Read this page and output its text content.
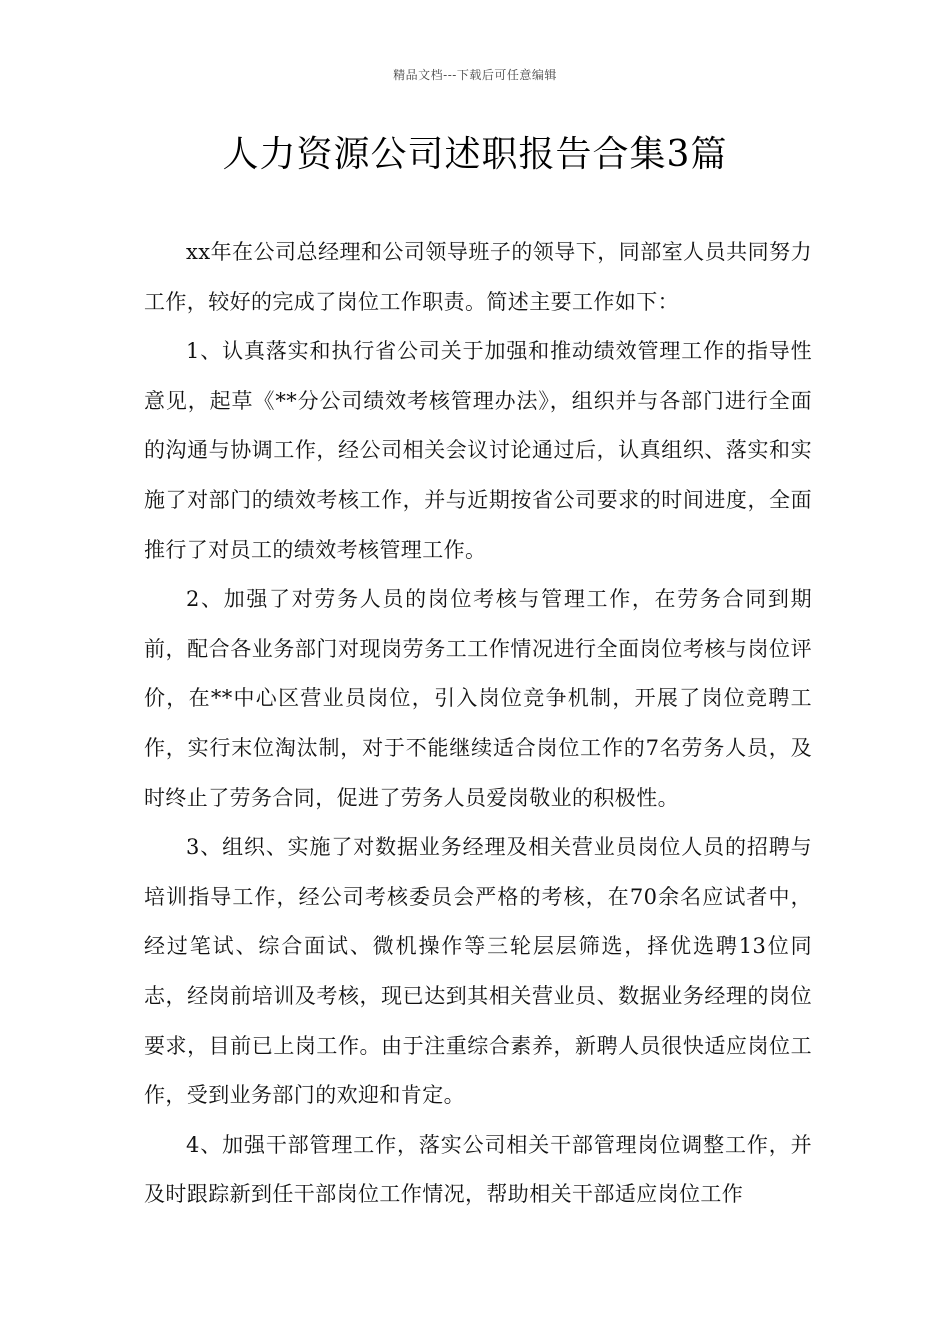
精品文档---下载后可任意编辑
人力资源公司述职报告合集3篇

xx年在公司总经理和公司领导班子的领导下，同部室人员共同努力工作，较好的完成了岗位工作职责。简述主要工作如下：

1、认真落实和执行省公司关于加强和推动绩效管理工作的指导性意见，起草《**分公司绩效考核管理办法》，组织并与各部门进行全面的沟通与协调工作，经公司相关会议讨论通过后，认真组织、落实和实施了对部门的绩效考核工作，并与近期按省公司要求的时间进度，全面推行了对员工的绩效考核管理工作。

2、加强了对劳务人员的岗位考核与管理工作，在劳务合同到期前，配合各业务部门对现岗劳务工工作情况进行全面岗位考核与岗位评价，在**中心区营业员岗位，引入岗位竞争机制，开展了岗位竞聘工作，实行末位淘汰制，对于不能继续适合岗位工作的7名劳务人员，及时终止了劳务合同，促进了劳务人员爱岗敬业的积极性。

3、组织、实施了对数据业务经理及相关营业员岗位人员的招聘与培训指导工作，经公司考核委员会严格的考核，在70余名应试者中，经过笔试、综合面试、微机操作等三轮层层筛选，择优选聘13位同志，经岗前培训及考核，现已达到其相关营业员、数据业务经理的岗位要求，目前已上岗工作。由于注重综合素养，新聘人员很快适应岗位工作，受到业务部门的欢迎和肯定。

4、加强干部管理工作，落实公司相关干部管理岗位调整工作，并及时跟踪新到任干部岗位工作情况，帮助相关干部适应岗位工作
